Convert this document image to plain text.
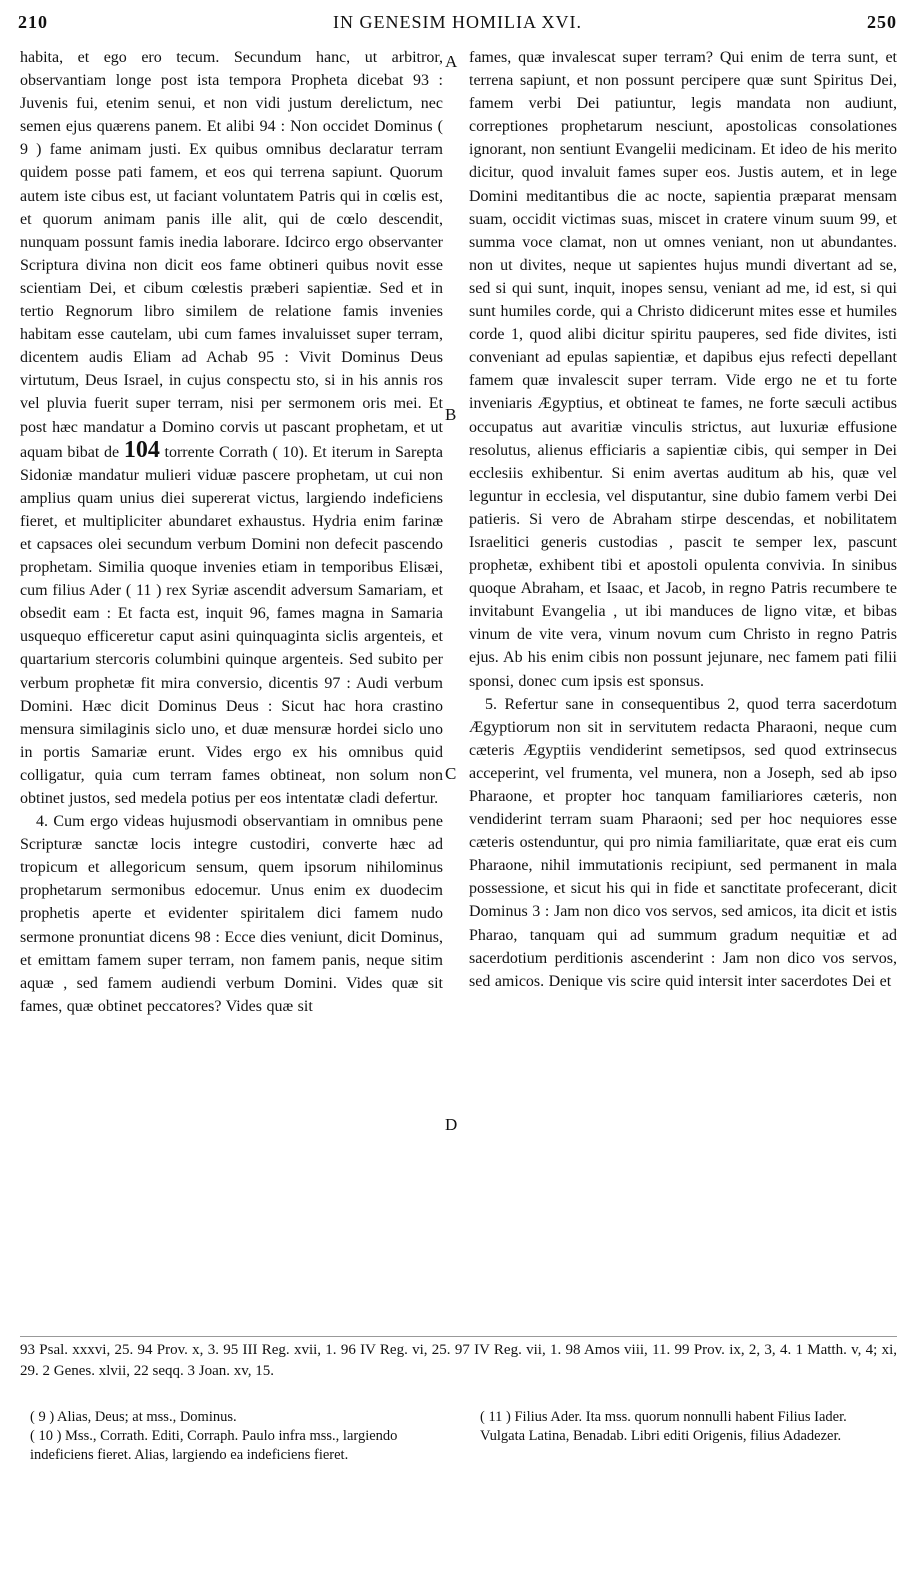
210	IN GENESIM HOMILIA XVI.	250

habita, et ego ero tecum. Secundum hanc, ut arbitror, observantiam longe post ista tempora Propheta dicebat 93 : Juvenis fui, etenim senui, et non vidi justum derelictum, nec semen ejus quærens panem. Et alibi 94 : Non occidet Dominus ( 9 ) fame animam justi. Ex quibus omnibus declaratur terram quidem posse pati famem, et eos qui terrena sapiunt. Quorum autem iste cibus est, ut faciant voluntatem Patris qui in cœlis est, et quorum animam panis ille alit, qui de cœlo descendit, nunquam possunt famis inedia laborare. Idcirco ergo observanter Scriptura divina non dicit eos fame obtineri quibus novit esse scientiam Dei, et cibum cœlestis præberi sapientiæ. Sed et in tertio Regnorum libro similem de relatione famis invenies habitam esse cautelam, ubi cum fames invaluisset super terram, dicentem audis Eliam ad Achab 95 : Vivit Dominus Deus virtutum, Deus Israel, in cujus conspectu sto, si in his annis ros vel pluvia fuerit super terram, nisi per sermonem oris mei. Et post hæc mandatur a Domino corvis ut pascant prophetam, et ut aquam bibat de 104 torrente Corrath ( 10). Et iterum in Sarepta Sidoniæ mandatur mulieri viduæ pascere prophetam, ut cui non amplius quam unius diei supererat victus, largiendo indeficiens fieret, et multipliciter abundaret exhaustus. Hydria enim farinæ et capsaces olei secundum verbum Domini non defecit pascendo prophetam. Similia quoque invenies etiam in temporibus Elisæi, cum filius Ader ( 11 ) rex Syriæ ascendit adversum Samariam, et obsedit eam : Et facta est, inquit 96, fames magna in Samaria usquequo efficeretur caput asini quinquaginta siclis argenteis, et quartarium stercoris columbini quinque argenteis. Sed subito per verbum prophetæ fit mira conversio, dicentis 97 : Audi verbum Domini. Hæc dicit Dominus Deus : Sicut hac hora crastino mensura similaginis siclo uno, et duæ mensuræ hordei siclo uno in portis Samariæ erunt. Vides ergo ex his omnibus quid colligatur, quia cum terram fames obtineat, non solum non obtinet justos, sed medela potius per eos intentatæ cladi defertur.

4. Cum ergo videas hujusmodi observantiam in omnibus pene Scripturæ sanctæ locis integre custodiri, converte hæc ad tropicum et allegoricum sensum, quem ipsorum nihilominus prophetarum sermonibus edocemur. Unus enim ex duodecim prophetis aperte et evidenter spiritalem dici famem nudo sermone pronuntiat dicens 98 : Ecce dies veniunt, dicit Dominus, et emittam famem super terram, non famem panis, neque sitim aquæ , sed famem audiendi verbum Domini. Vides quæ sit fames, quæ obtinet peccatores? Vides quæ sit

A
B
C
D

fames, quæ invalescat super terram? Qui enim de terra sunt, et terrena sapiunt, et non possunt percipere quæ sunt Spiritus Dei, famem verbi Dei patiuntur, legis mandata non audiunt, correptiones prophetarum nesciunt, apostolicas consolationes ignorant, non sentiunt Evangelii medicinam. Et ideo de his merito dicitur, quod invaluit fames super eos. Justis autem, et in lege Domini meditantibus die ac nocte, sapientia præparat mensam suam, occidit victimas suas, miscet in cratere vinum suum 99, et summa voce clamat, non ut omnes veniant, non ut abundantes. non ut divites, neque ut sapientes hujus mundi divertant ad se, sed si qui sunt, inquit, inopes sensu, veniant ad me, id est, si qui sunt humiles corde, qui a Christo didicerunt mites esse et humiles corde 1, quod alibi dicitur spiritu pauperes, sed fide divites, isti conveniant ad epulas sapientiæ, et dapibus ejus refecti depellant famem quæ invalescit super terram. Vide ergo ne et tu forte inveniaris Ægyptius, et obtineat te fames, ne forte sæculi actibus occupatus aut avaritiæ vinculis strictus, aut luxuriæ effusione resolutus, alienus efficiaris a sapientiæ cibis, qui semper in Dei ecclesiis exhibentur. Si enim avertas auditum ab his, quæ vel leguntur in ecclesia, vel disputantur, sine dubio famem verbi Dei patieris. Si vero de Abraham stirpe descendas, et nobilitatem Israelitici generis custodias , pascit te semper lex, pascunt prophetæ, exhibent tibi et apostoli opulenta convivia. In sinibus quoque Abraham, et Isaac, et Jacob, in regno Patris recumbere te invitabunt Evangelia , ut ibi manduces de ligno vitæ, et bibas vinum de vite vera, vinum novum cum Christo in regno Patris ejus. Ab his enim cibis non possunt jejunare, nec famem pati filii sponsi, donec cum ipsis est sponsus.

5. Refertur sane in consequentibus 2, quod terra sacerdotum Ægyptiorum non sit in servitutem redacta Pharaoni, neque cum cæteris Ægyptiis vendiderint semetipsos, sed quod extrinsecus acceperint, vel frumenta, vel munera, non a Joseph, sed ab ipso Pharaone, et propter hoc tanquam familiariores cæteris, non vendiderint terram suam Pharaoni; sed per hoc nequiores esse cæteris ostenduntur, qui pro nimia familiaritate, quæ erat eis cum Pharaone, nihil immutationis recipiunt, sed permanent in mala possessione, et sicut his qui in fide et sanctitate profecerant, dicit Dominus 3 : Jam non dico vos servos, sed amicos, ita dicit et istis Pharao, tanquam qui ad summum gradum nequitiæ et ad sacerdotium perditionis ascenderint : Jam non dico vos servos, sed amicos. Denique vis scire quid intersit inter sacerdotes Dei et

93 Psal. xxxvi, 25. 94 Prov. x, 3. 95 III Reg. xvii, 1. 96 IV Reg. vi, 25. 97 IV Reg. vii, 1. 98 Amos viii, 11. 99 Prov. ix, 2, 3, 4. 1 Matth. v, 4; xi, 29. 2 Genes. xlvii, 22 seqq. 3 Joan. xv, 15.

( 9 ) Alias, Deus; at mss., Dominus.

( 10 ) Mss., Corrath. Editi, Corraph. Paulo infra mss., largiendo indeficiens fieret. Alias, largiendo ea indeficiens fieret.

( 11 ) Filius Ader. Ita mss. quorum nonnulli habent Filius Iader. Vulgata Latina, Benadab. Libri editi Origenis, filius Adadezer.
